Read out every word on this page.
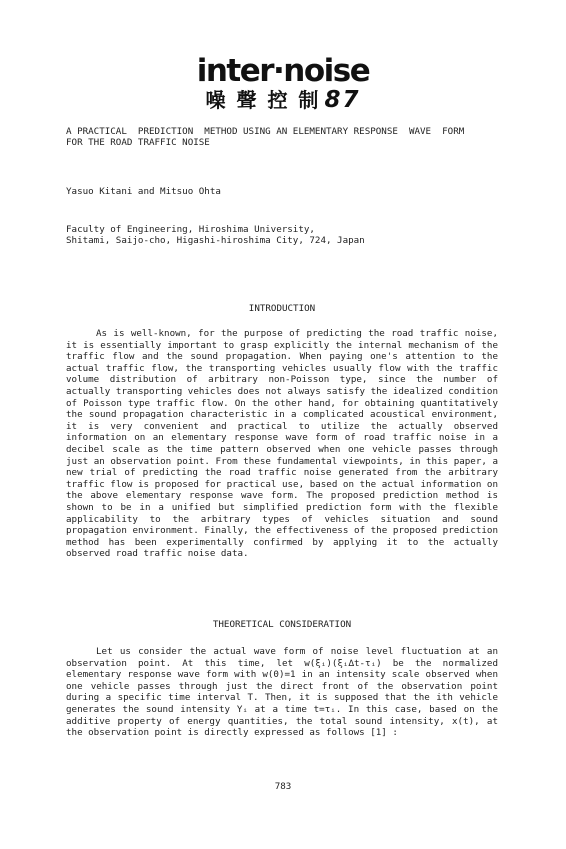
inter·noise
噪 聲 控 制 87
A PRACTICAL  PREDICTION  METHOD USING AN ELEMENTARY RESPONSE  WAVE  FORM
FOR THE ROAD TRAFFIC NOISE
Yasuo Kitani and Mitsuo Ohta
Faculty of Engineering, Hiroshima University,
Shitami, Saijo-cho, Higashi-hiroshima City, 724, Japan
INTRODUCTION

As is well-known, for the purpose of predicting the road traffic noise, it is essentially important to grasp explicitly the internal mechanism of the traffic flow and the sound propagation. When paying one's attention to the actual traffic flow, the transporting vehicles usually flow with the traffic volume distribution of arbitrary non-Poisson type, since the number of actually transporting vehicles does not always satisfy the idealized condition of Poisson type traffic flow. On the other hand, for obtaining quantitatively the sound propagation characteristic in a complicated acoustical environment, it is very convenient and practical to utilize the actually observed information on an elementary response wave form of road traffic noise in a decibel scale as the time pattern observed when one vehicle passes through just an observation point. From these fundamental viewpoints, in this paper, a new trial of predicting the road traffic noise generated from the arbitrary traffic flow is proposed for practical use, based on the actual information on the above elementary response wave form. The proposed prediction method is shown to be in a unified but simplified prediction form with the flexible applicability to the arbitrary types of vehicles situation and sound propagation environment. Finally, the effectiveness of the proposed prediction method has been experimentally confirmed by applying it to the actually observed road traffic noise data.

THEORETICAL CONSIDERATION

Let us consider the actual wave form of noise level fluctuation at an observation point. At this time, let w(ξᵢ)(ξᵢ∆t-τᵢ) be the normalized elementary response wave form with w(0)=1 in an intensity scale observed when one vehicle passes through just the direct front of the observation point during a specific time interval T. Then, it is supposed that the ith vehicle generates the sound intensity Yᵢ at a time t=τᵢ. In this case, based on the additive property of energy quantities, the total sound intensity, x(t), at the observation point is directly expressed as follows [1] :

783
